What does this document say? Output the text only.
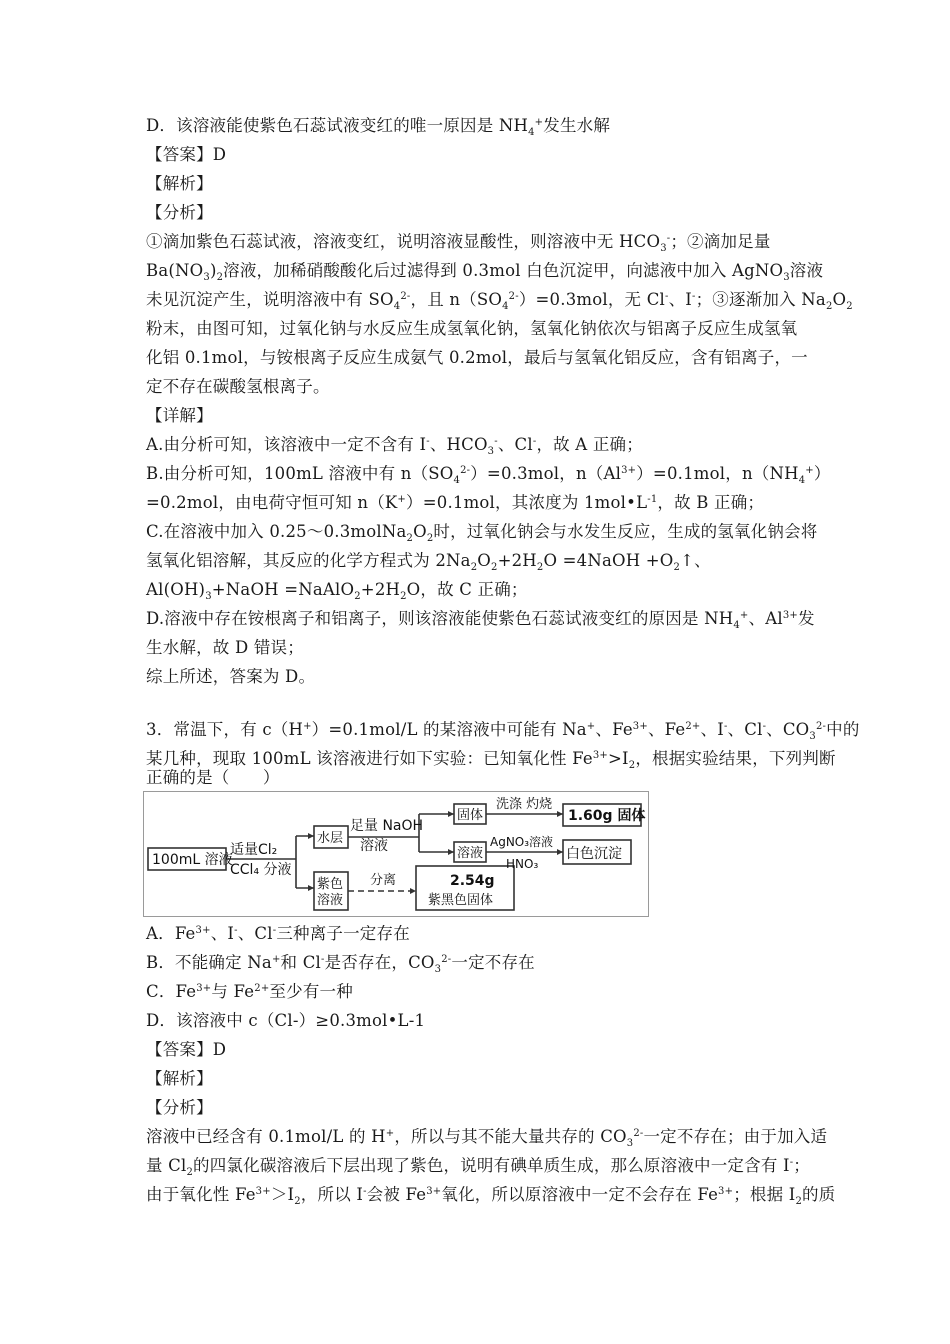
D．该溶液能使紫色石蕊试液变红的唯一原因是 $NH_4^+$发生水解
【答案】D
【解析】
【分析】
①滴加紫色石蕊试液，溶液变红，说明溶液显酸性，则溶液中无 $HCO_3^-$；②滴加足量
$Ba(NO_3)_2$溶液，加稀硝酸酸化后过滤得到 0.3mol 白色沉淀甲，向滤液中加入 AgNO$_3$溶液
未见沉淀产生，说明溶液中有 $SO_4^{2-}$，且 $n(SO_4^{2-})=0.3mol$，无 Cl-、I-；③逐渐加入 $Na_2O_2$
粉末，由图可知，过氧化钠与水反应生成氢氧化钠，氢氧化钠依次与铝离子反应生成氢氧
化铝 0.1mol，与铵根离子反应生成氨气 0.2mol，最后与氢氧化铝反应，含有铝离子，一
定不存在碳酸氢根离子。
【详解】
A.由分析可知，该溶液中一定不含有 I-、$HCO_3^-$、Cl-，故 A 正确；
B.由分析可知，100mL 溶液中有 $n(SO_4^{2-})=0.3mol$，$n(Al^{3+})=0.1mol$，$n(NH_4^+)$
=0.2mol，由电荷守恒可知 n（K+）=0.1mol，其浓度为 $1mol•L^{-1}$，故 B 正确；
C.在溶液中加入 $0.25\sim 0.3molNa_2O_2$时，过氧化钠会与水发生反应，生成的氢氧化钠会将
氢氧化铝溶解，其反应的化学方程式为 $2Na_2O_2+2H_2O$ =4NaOH $+O_2↑$、
$Al(OH)_3+NaOH$ $=NaAlO_2+2H_2O$，故 C 正确；
D.溶液中存在铵根离子和铝离子，则该溶液能使紫色石蕊试液变红的原因是 $NH_4^+$、$Al^{3+}$发
生水解，故 D 错误；
综上所述，答案为 D。
3．常温下，有 c（H+）=0.1mol/L 的某溶液中可能有 Na+、$Fe^{3+}$、$Fe^{2+}$、I-、Cl-、$CO_3^{2-}$中的
某几种，现取 100mL 该溶液进行如下实验：已知氧化性 $Fe^{3+}>I_2$，根据实验结果，下列判断
正确的是（　　）
100mL 溶液
适量Cl₂
CCl₄ 分液
水层
紫色
溶液
足量 NaOH
溶液
固体
溶液
洗涤 灼烧
AgNO₃溶液
HNO₃
1.60g 固体
白色沉淀
分离	2.54g
紫黑色固体
A．$Fe^{3+}$、I-、Cl-三种离子一定存在
B．不能确定 Na+和 Cl-是否存在，$CO_3^{2-}$一定不存在
C．$Fe^{3+}$与 $Fe^{2+}$至少有一种
D．该溶液中 c（Cl-）≥0.3mol•L-1
【答案】D
【解析】
【分析】
溶液中已经含有 0.1mol/L 的 H+，所以与其不能大量共存的 $CO_3^{2-}$一定不存在；由于加入适
量 $Cl_2$的四氯化碳溶液后下层出现了紫色，说明有碘单质生成，那么原溶液中一定含有 I-；
由于氧化性 $Fe^{3+}>I_2$，所以 I-会被 $Fe^{3+}$氧化，所以原溶液中一定不会存在 $Fe^{3+}$；根据 $I_2$的质
